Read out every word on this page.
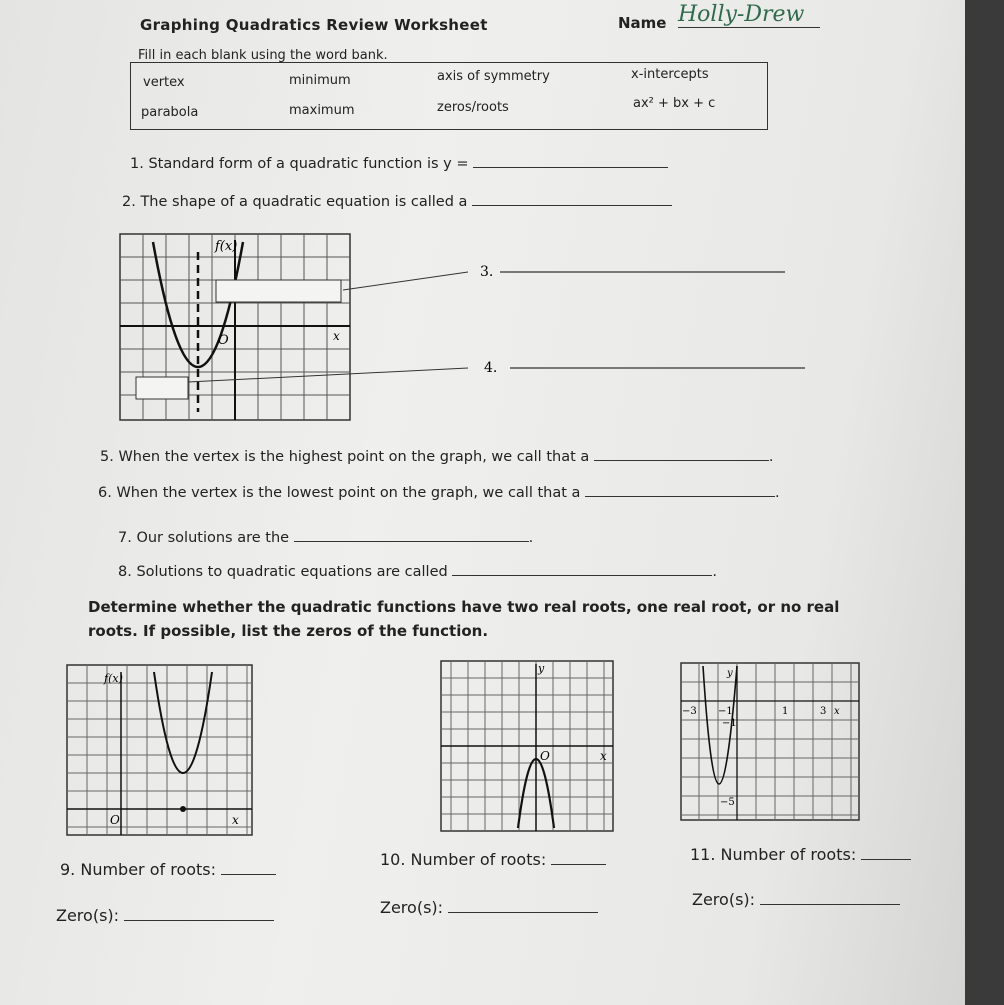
Graphing Quadratics Review Worksheet	Name Holly-Drew
Fill in each blank using the word bank.
vertex	minimum	axis of symmetry	x-intercepts
parabola	maximum	zeros/roots	ax² + bx + c
1. Standard form of a quadratic function is y =
2. The shape of a quadratic equation is called a
f(x)
O	x
3.
4.
5. When the vertex is the highest point on the graph, we call that a	.
6. When the vertex is the lowest point on the graph, we call that a	.
7. Our solutions are the	.
8. Solutions to quadratic equations are called	.
Determine whether the quadratic functions have two real roots, one real root, or no real roots. If possible, list the zeros of the function.
f(x)
O	x
y
O	x
y
−3 −1	1	3 x
−1
−5
9. Number of roots:
10. Number of roots:	11. Number of roots:
Zero(s):	Zero(s):	Zero(s):
